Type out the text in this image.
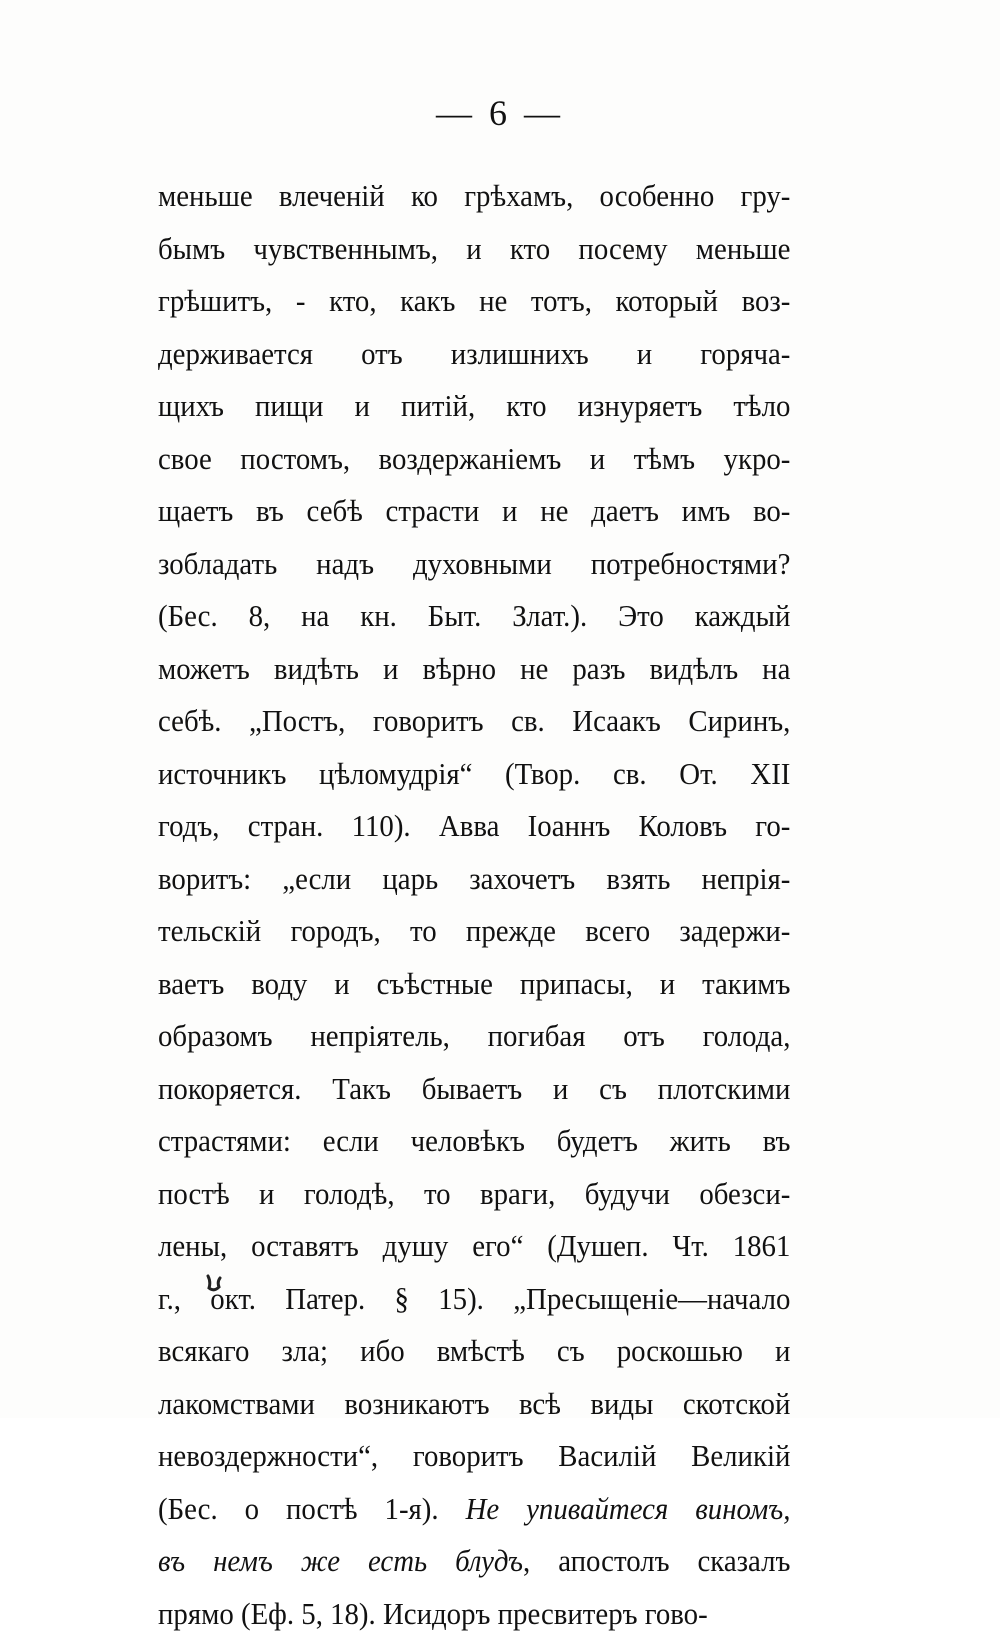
— 6 —
меньше влеченій ко грѣхамъ, особенно гру-
бымъ чувственнымъ, и кто посему меньше
грѣшитъ, - кто, какъ не тотъ, который воз-
держивается отъ излишнихъ и горяча-
щихъ пищи и питій, кто изнуряетъ тѣло
свое постомъ, воздержаніемъ и тѣмъ укро-
щаетъ въ себѣ страсти и не даетъ имъ во-
зобладать надъ духовными потребностями?
(Бес. 8, на кн. Быт. Злат.). Это каждый
можетъ видѣть и вѣрно не разъ видѣлъ на
себѣ. „Постъ, говоритъ св. Исаакъ Сиринъ,
источникъ цѣломудрія“ (Твор. св. От. XII
годъ, стран. 110). Авва Іоаннъ Коловъ го-
воритъ: „если царь захочетъ взять непрія-
тельскій городъ, то прежде всего задержи-
ваетъ воду и съѣстные припасы, и такимъ
образомъ непріятель, погибая отъ голода,
покоряется. Такъ бываетъ и съ плотскими
страстями: если человѣкъ будетъ жить въ
постѣ и голодѣ, то враги, будучи обезси-
лены, оставятъ душу его“ (Душеп. Чт. 1861
г., окт. Патер. § 15). „Пресыщеніе—начало
всякаго зла; ибо вмѣстѣ съ роскошью и
лакомствами возникаютъ всѣ виды скотской
невоздержности“, говоритъ Василій Великій
(Бес. о постѣ 1-я). Не упивайтеся виномъ,
въ немъ же есть блудъ, апостолъ сказалъ
прямо (Еф. 5, 18). Исидоръ пресвитеръ гово-
